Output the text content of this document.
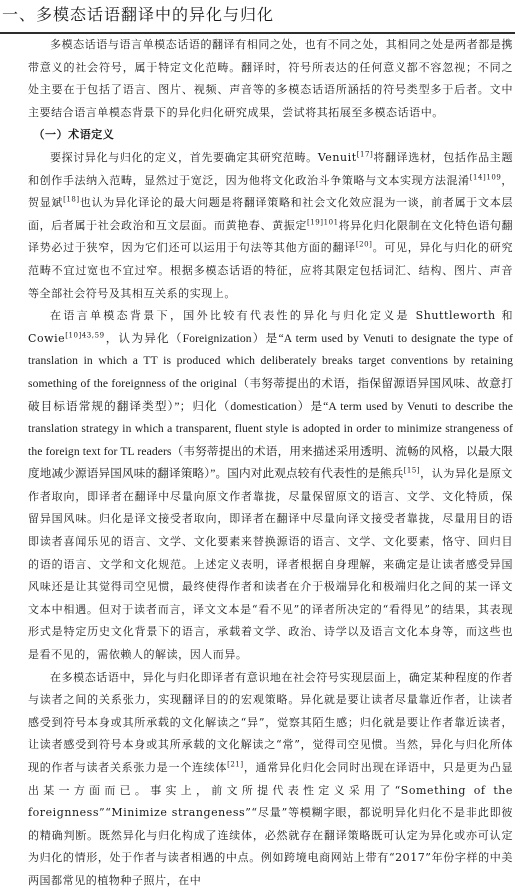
一、多模态话语翻译中的异化与归化

多模态话语与语言单模态话语的翻译有相同之处，也有不同之处，其相同之处是两者都是携带意义的社会符号，属于特定文化范畴。翻译时，符号所表达的任何意义都不容忽视；不同之处主要在于包括了语言、图片、视频、声音等的多模态话语所涵括的符号类型多于后者。文中主要结合语言单模态背景下的异化归化研究成果，尝试将其拓展至多模态话语中。

（一）术语定义

要探讨异化与归化的定义，首先要确定其研究范畴。Venuit[17]将翻译选材，包括作品主题和创作手法纳入范畴，显然过于宽泛，因为他将文化政治斗争策略与文本实现方法混淆$^{[14]109}$，贺显斌[18]也认为异化译论的最大问题是将翻译策略和社会文化效应混为一谈，前者属于文本层面，后者属于社会政治和互文层面。而黄艳春、黄振定$^{[19]101}$将异化归化限制在文化特色语句翻译势必过于狭窄，因为它们还可以运用于句法等其他方面的翻译[20]。可见，异化与归化的研究范畴不宜过宽也不宜过窄。根据多模态话语的特征，应将其限定包括词汇、结构、图片、声音等全部社会符号及其相互关系的实现上。

在语言单模态背景下，国外比较有代表性的异化与归化定义是 Shuttleworth 和 Cowie$^{[10]43,59}$，认为异化（Foreignization）是“A term used by Venuti to designate the type of translation in which a TT is produced which deliberately breaks target conventions by retaining something of the foreignness of the original（韦努蒂提出的术语，指保留源语异国风味、故意打破目标语常规的翻译类型）”；归化（domestication）是“A term used by Venuti to describe the translation strategy in which a transparent, fluent style is adopted in order to minimize strangeness of the foreign text for TL readers（韦努蒂提出的术语，用来描述采用透明、流畅的风格，以最大限度地减少源语异国风味的翻译策略）”。国内对此观点较有代表性的是熊兵[15]，认为异化是原文作者取向，即译者在翻译中尽量向原文作者靠拢，尽量保留原文的语言、文学、文化特质，保留异国风味。归化是译文接受者取向，即译者在翻译中尽量向译文接受者靠拢，尽量用目的语即读者喜闻乐见的语言、文学、文化要素来替换源语的语言、文学、文化要素，恪守、回归目的语的语言、文学和文化规范。上述定义表明，译者根据自身理解，来确定是让读者感受异国风味还是让其觉得司空见惯，最终使得作者和读者在介于极端异化和极端归化之间的某一译文文本中相遇。但对于读者而言，译文文本是“看不见”的译者所决定的“看得见”的结果，其表现形式是特定历史文化背景下的语言，承载着文学、政治、诗学以及语言文化本身等，而这些也是看不见的，需依赖人的解读，因人而异。

在多模态话语中，异化与归化即译者有意识地在社会符号实现层面上，确定某种程度的作者与读者之间的关系张力，实现翻译目的的宏观策略。异化就是要让读者尽量靠近作者，让读者感受到符号本身或其所承载的文化解读之“异”，觉察其陌生感；归化就是要让作者靠近读者，让读者感受到符号本身或其所承载的文化解读之“常”，觉得司空见惯。当然，异化与归化所体现的作者与读者关系张力是一个连续体[21]，通常异化归化会同时出现在译语中，只是更为凸显出某一方面而已。事实上，前文所提代表性定义采用了“Something of the foreignness”“Minimize strangeness”“尽量”等模糊字眼，都说明异化归化不是非此即彼的精确判断。既然异化与归化构成了连续体，必然就存在翻译策略既可认定为异化或亦可认定为归化的情形，处于作者与读者相遇的中点。例如跨境电商网站上带有“2017”年份字样的中美两国都常见的植物种子照片，在中
